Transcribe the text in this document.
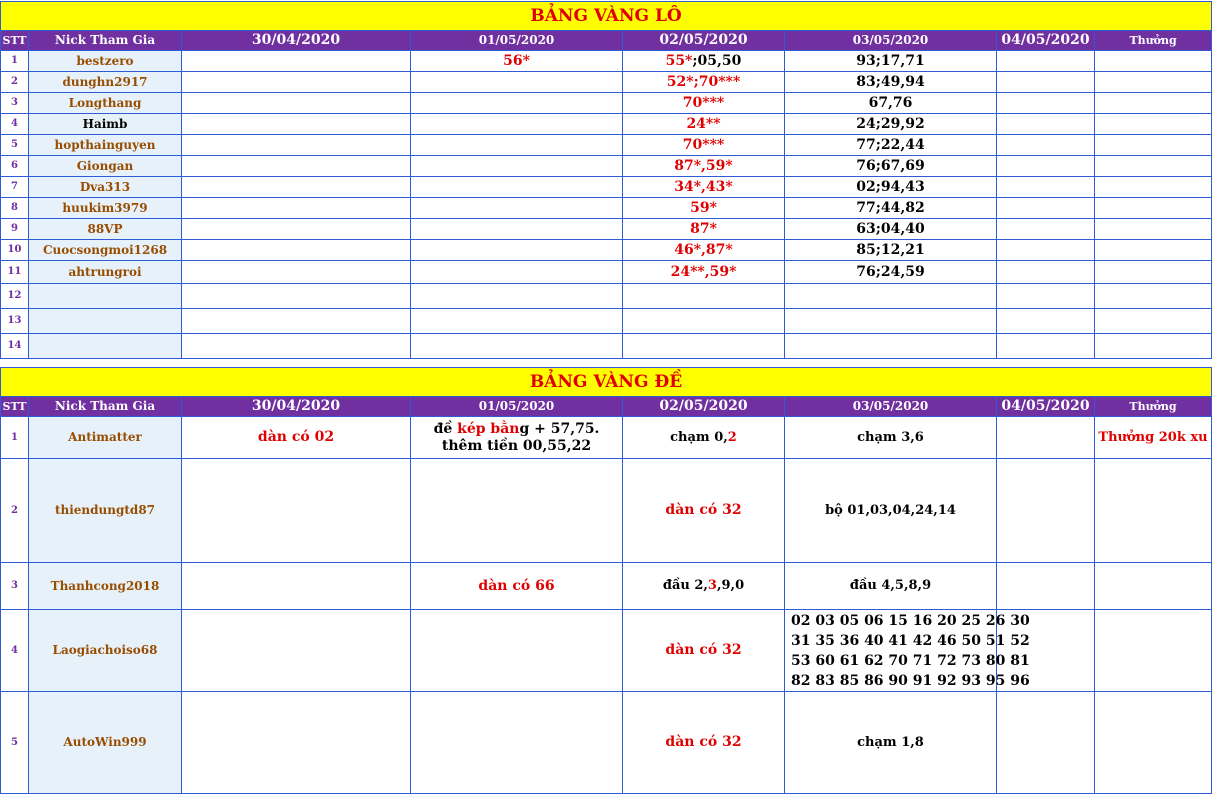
BẢNG VÀNG LÔ							
STT	Nick Tham Gia	30/04/2020	01/05/2020	02/05/2020	03/05/2020	04/05/2020	Thưởng
1	bestzero		56*	55*;05,50	93;17,71		
2	dunghn2917			52*;70***	83;49,94		
3	Longthang			70***	67,76		
4	Haimb			24**	24;29,92		
5	hopthainguyen			70***	77;22,44		
6	Giongan			87*,59*	76;67,69		
7	Dva313			34*,43*	02;94,43		
8	huukim3979			59*	77;44,82		
9	88VP			87*	63;04,40		
10	Cuocsongmoi1268			46*,87*	85;12,21		
11	ahtrungroi			24**,59*	76;24,59		
12							
13							
14							
BẢNG VÀNG ĐỀ							
STT	Nick Tham Gia	30/04/2020	01/05/2020	02/05/2020	03/05/2020	04/05/2020	Thưởng
1	Antimatter	dàn có 02	đề kép bằng + 57,75. thêm tiền 00,55,22	chạm 0,2	chạm 3,6		Thưởng 20k xu
2	thiendungtd87			dàn có 32	bộ 01,03,04,24,14		
3	Thanhcong2018		dàn có 66	đầu 2,3,9,0	đầu 4,5,8,9		
4	Laogiachoiso68			dàn có 32	02 03 05 06 15 16 20 25 26 30
31 35 36 40 41 42 46 50 51 52
53 60 61 62 70 71 72 73 80 81
82 83 85 86 90 91 92 93 95 96		

5	AutoWin999			dàn có 32	chạm 1,8		
